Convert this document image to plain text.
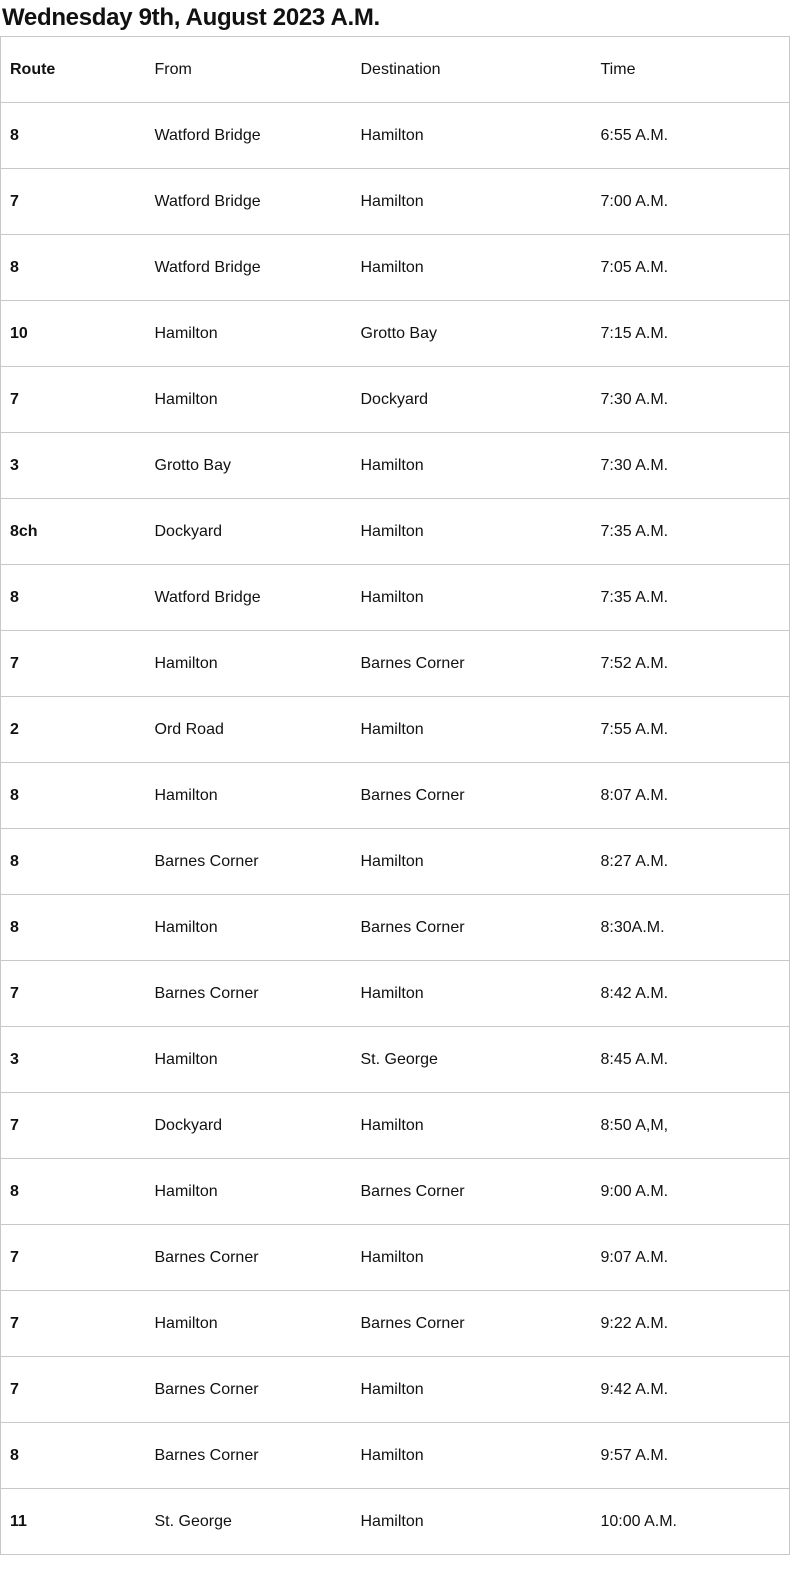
Wednesday 9th, August 2023 A.M.
Route	From	Destination	Time
8	Watford Bridge	Hamilton	6:55 A.M.
7	Watford Bridge	Hamilton	7:00 A.M.
8	Watford Bridge	Hamilton	7:05 A.M.
10	Hamilton	Grotto Bay	7:15 A.M.
7	Hamilton	Dockyard	7:30 A.M.
3	Grotto Bay	Hamilton	7:30 A.M.
8ch	Dockyard	Hamilton	7:35 A.M.
8	Watford Bridge	Hamilton	7:35 A.M.
7	Hamilton	Barnes Corner	7:52 A.M.
2	Ord Road	Hamilton	7:55 A.M.
8	Hamilton	Barnes Corner	8:07 A.M.
8	Barnes Corner	Hamilton	8:27 A.M.
8	Hamilton	Barnes Corner	8:30A.M.
7	Barnes Corner	Hamilton	8:42 A.M.
3	Hamilton	St. George	8:45 A.M.
7	Dockyard	Hamilton	8:50 A,M,
8	Hamilton	Barnes Corner	9:00 A.M.
7	Barnes Corner	Hamilton	9:07 A.M.
7	Hamilton	Barnes Corner	9:22 A.M.
7	Barnes Corner	Hamilton	9:42 A.M.
8	Barnes Corner	Hamilton	9:57 A.M.
11	St. George	Hamilton	10:00 A.M.
